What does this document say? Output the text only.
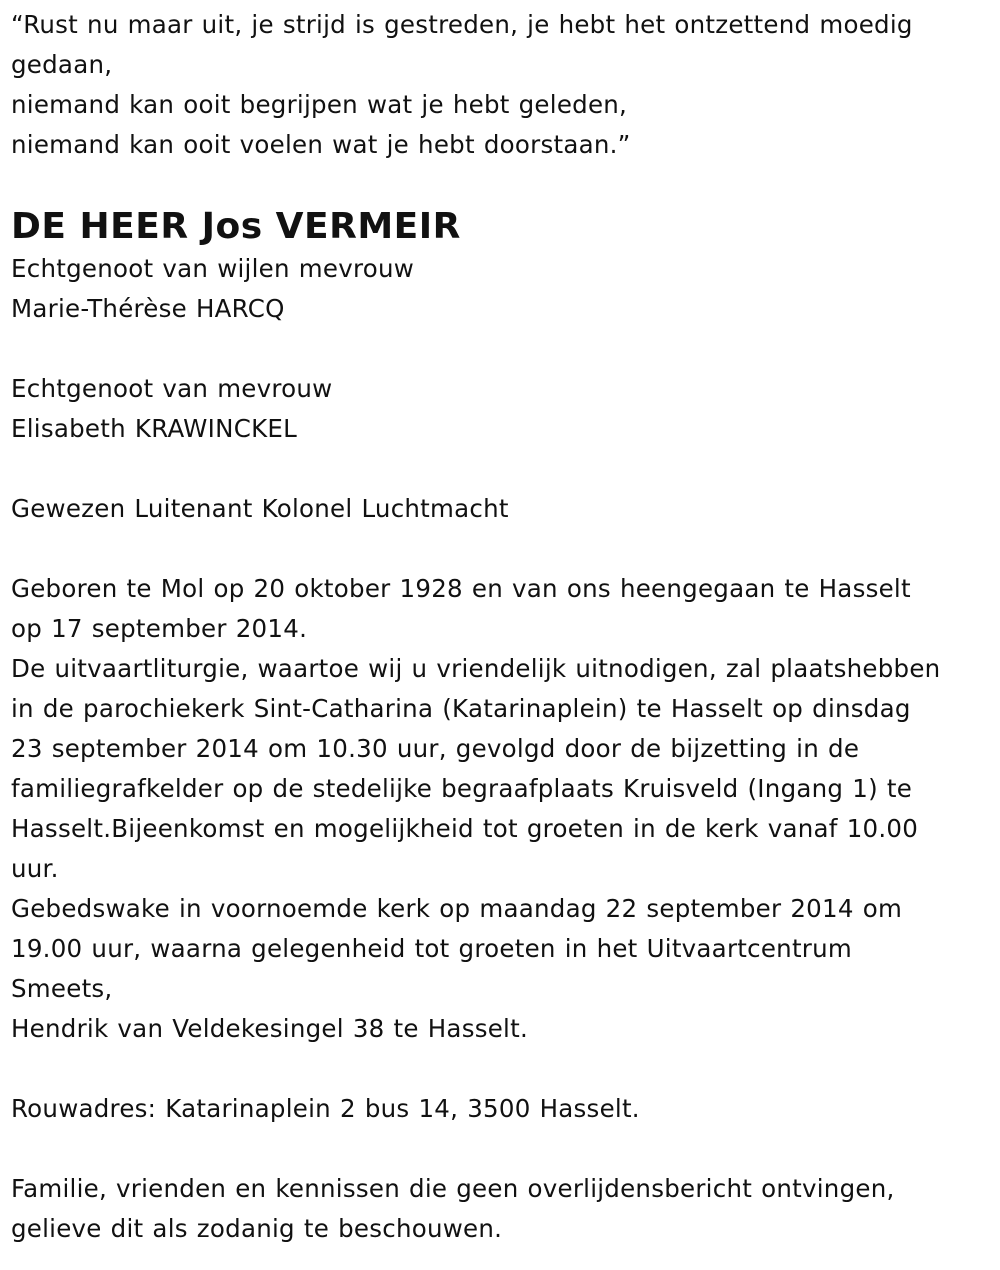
“Rust nu maar uit, je strijd is gestreden, je hebt het ontzettend moedig
gedaan,
niemand kan ooit begrijpen wat je hebt geleden,
niemand kan ooit voelen wat je hebt doorstaan.”
DE HEER Jos VERMEIR
Echtgenoot van wijlen mevrouw
Marie-Thérèse HARCQ
Echtgenoot van mevrouw
Elisabeth KRAWINCKEL
Gewezen Luitenant Kolonel Luchtmacht
Geboren te Mol op 20 oktober 1928 en van ons heengegaan te Hasselt
op 17 september 2014.
De uitvaartliturgie, waartoe wij u vriendelijk uitnodigen, zal plaatshebben
in de parochiekerk Sint-Catharina (Katarinaplein) te Hasselt op dinsdag
23 september 2014 om 10.30 uur, gevolgd door de bijzetting in de
familiegrafkelder op de stedelijke begraafplaats Kruisveld (Ingang 1) te
Hasselt.Bijeenkomst en mogelijkheid tot groeten in de kerk vanaf 10.00
uur.
Gebedswake in voornoemde kerk op maandag 22 september 2014 om
19.00 uur, waarna gelegenheid tot groeten in het Uitvaartcentrum
Smeets,
Hendrik van Veldekesingel 38 te Hasselt.
Rouwadres: Katarinaplein 2 bus 14, 3500 Hasselt.
Familie, vrienden en kennissen die geen overlijdensbericht ontvingen,
gelieve dit als zodanig te beschouwen.
